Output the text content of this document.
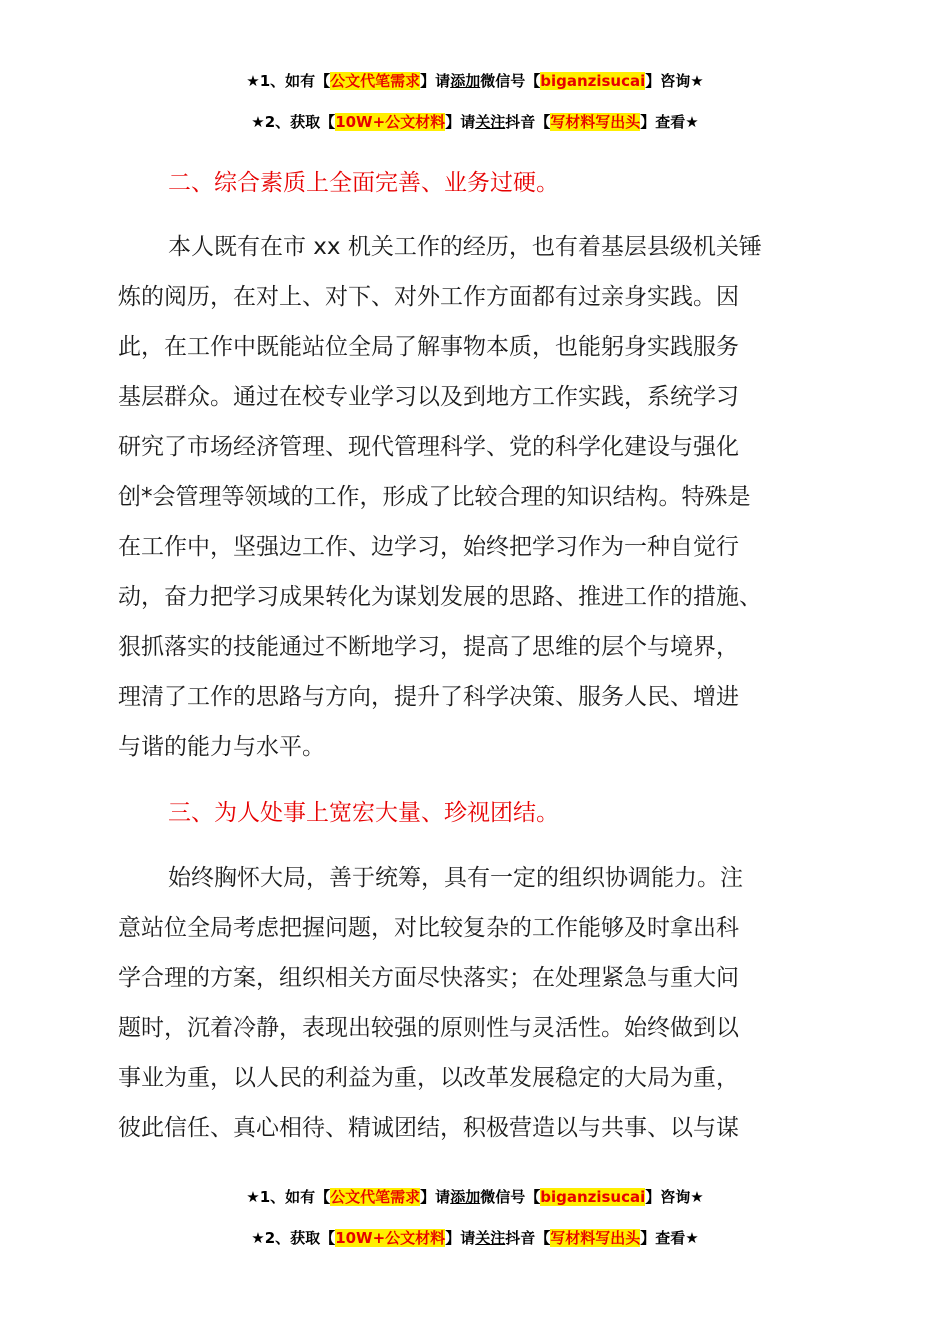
★1、如有【公文代笔需求】请添加微信号【biganzisucai】咨询★
★2、获取【10W+公文材料】请关注抖音【写材料写出头】查看★
二、综合素质上全面完善、业务过硬。
本人既有在市 xx 机关工作的经历，也有着基层县级机关锤
炼的阅历，在对上、对下、对外工作方面都有过亲身实践。因
此，在工作中既能站位全局了解事物本质，也能躬身实践服务
基层群众。通过在校专业学习以及到地方工作实践，系统学习
研究了市场经济管理、现代管理科学、党的科学化建设与强化
创*会管理等领域的工作，形成了比较合理的知识结构。特殊是
在工作中，坚强边工作、边学习，始终把学习作为一种自觉行
动，奋力把学习成果转化为谋划发展的思路、推进工作的措施、
狠抓落实的技能通过不断地学习，提高了思维的层个与境界，
理清了工作的思路与方向，提升了科学决策、服务人民、增进
与谐的能力与水平。
三、为人处事上宽宏大量、珍视团结。
始终胸怀大局，善于统筹，具有一定的组织协调能力。注
意站位全局考虑把握问题，对比较复杂的工作能够及时拿出科
学合理的方案，组织相关方面尽快落实；在处理紧急与重大问
题时，沉着冷静，表现出较强的原则性与灵活性。始终做到以
事业为重，以人民的利益为重，以改革发展稳定的大局为重，
彼此信任、真心相待、精诚团结，积极营造以与共事、以与谋
★1、如有【公文代笔需求】请添加微信号【biganzisucai】咨询★
★2、获取【10W+公文材料】请关注抖音【写材料写出头】查看★
